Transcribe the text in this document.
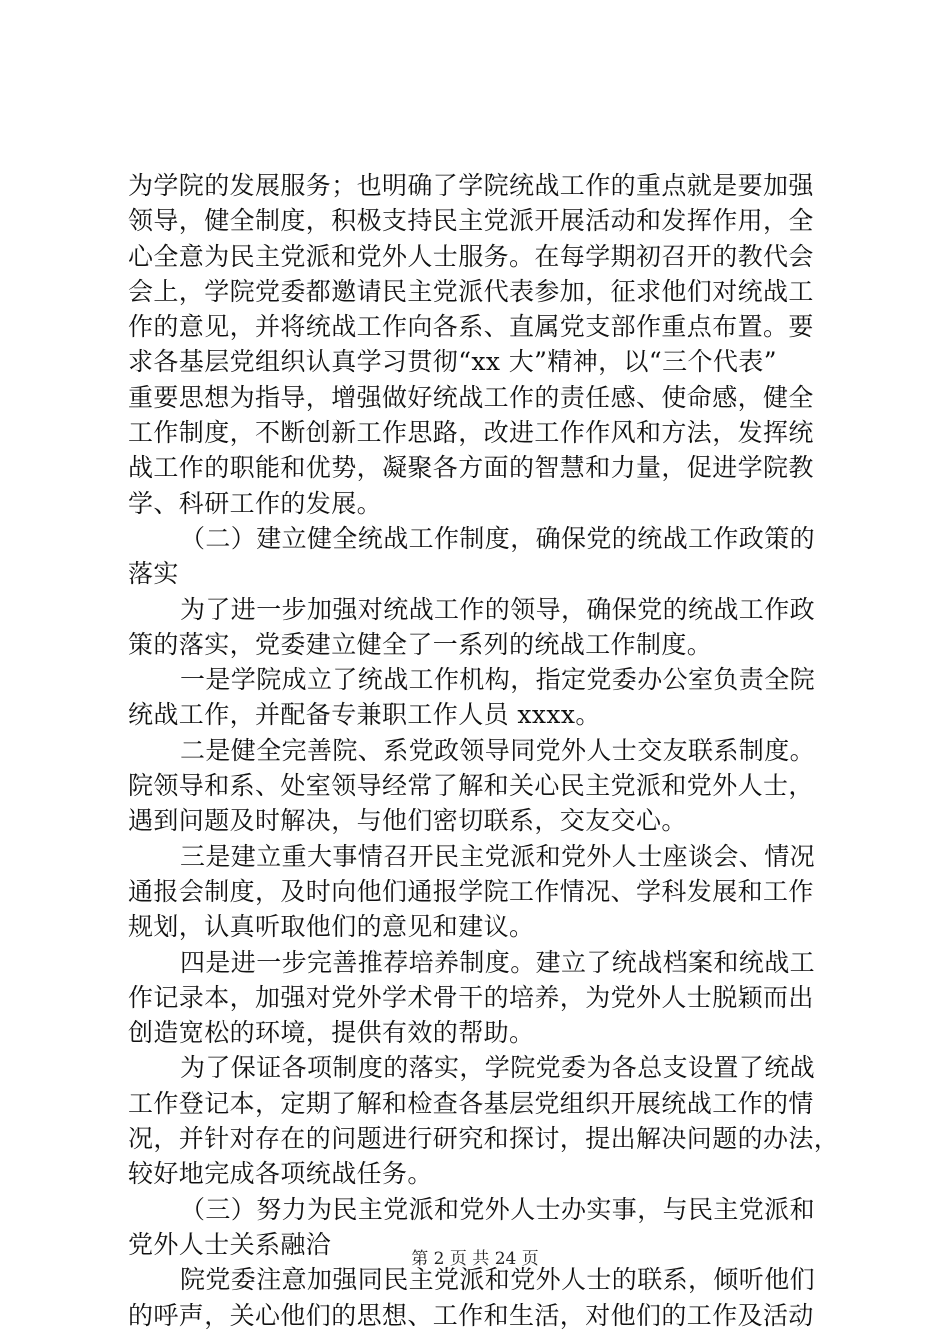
为学院的发展服务；也明确了学院统战工作的重点就是要加强
领导，健全制度，积极支持民主党派开展活动和发挥作用，全
心全意为民主党派和党外人士服务。在每学期初召开的教代会
会上，学院党委都邀请民主党派代表参加，征求他们对统战工
作的意见，并将统战工作向各系、直属党支部作重点布置。要
求各基层党组织认真学习贯彻“xx 大”精神，以“三个代表”
重要思想为指导，增强做好统战工作的责任感、使命感，健全
工作制度，不断创新工作思路，改进工作作风和方法，发挥统
战工作的职能和优势，凝聚各方面的智慧和力量，促进学院教
学、科研工作的发展。
（二）建立健全统战工作制度，确保党的统战工作政策的
落实
为了进一步加强对统战工作的领导，确保党的统战工作政
策的落实，党委建立健全了一系列的统战工作制度。
一是学院成立了统战工作机构，指定党委办公室负责全院
统战工作，并配备专兼职工作人员 xxxx。
二是健全完善院、系党政领导同党外人士交友联系制度。
院领导和系、处室领导经常了解和关心民主党派和党外人士，
遇到问题及时解决，与他们密切联系，交友交心。
三是建立重大事情召开民主党派和党外人士座谈会、情况
通报会制度，及时向他们通报学院工作情况、学科发展和工作
规划，认真听取他们的意见和建议。
四是进一步完善推荐培养制度。建立了统战档案和统战工
作记录本，加强对党外学术骨干的培养，为党外人士脱颖而出
创造宽松的环境，提供有效的帮助。
为了保证各项制度的落实，学院党委为各总支设置了统战
工作登记本，定期了解和检查各基层党组织开展统战工作的情
况，并针对存在的问题进行研究和探讨，提出解决问题的办法，
较好地完成各项统战任务。
（三）努力为民主党派和党外人士办实事，与民主党派和
党外人士关系融洽
院党委注意加强同民主党派和党外人士的联系，倾听他们
的呼声，关心他们的思想、工作和生活，对他们的工作及活动
第 2 页 共 24 页
